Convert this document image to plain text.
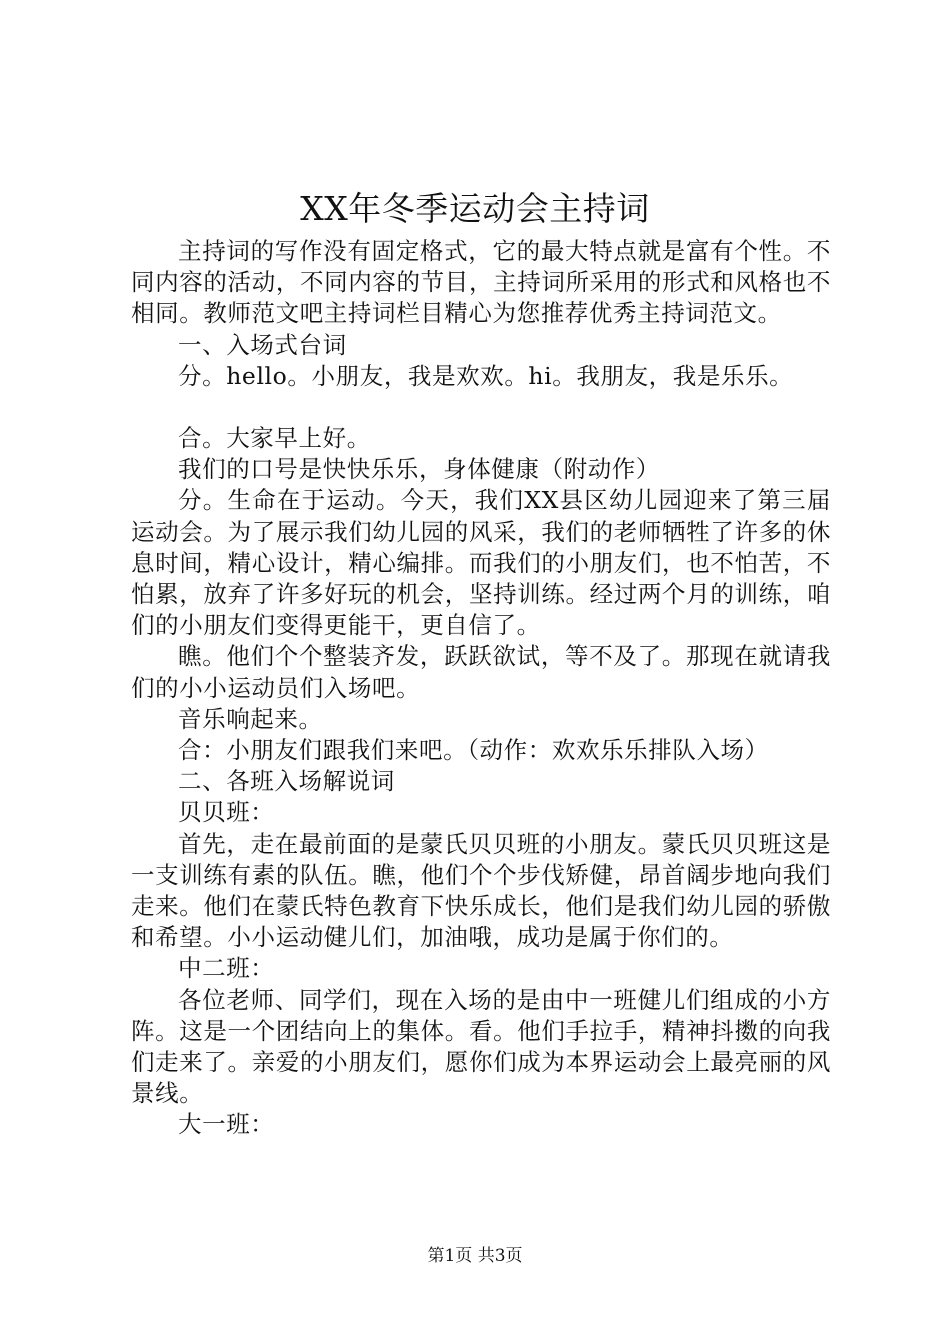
XX年冬季运动会主持词

主持词的写作没有固定格式，它的最大特点就是富有个性。不同内容的活动，不同内容的节目，主持词所采用的形式和风格也不相同。教师范文吧主持词栏目精心为您推荐优秀主持词范文。

一、入场式台词

分。hello。小朋友，我是欢欢。hi。我朋友，我是乐乐。

合。大家早上好。

我们的口号是快快乐乐，身体健康（附动作）

分。生命在于运动。今天，我们XX县区幼儿园迎来了第三届运动会。为了展示我们幼儿园的风采，我们的老师牺牲了许多的休息时间，精心设计，精心编排。而我们的小朋友们，也不怕苦，不怕累，放弃了许多好玩的机会，坚持训练。经过两个月的训练，咱们的小朋友们变得更能干，更自信了。

瞧。他们个个整装齐发，跃跃欲试，等不及了。那现在就请我们的小小运动员们入场吧。

音乐响起来。

合：小朋友们跟我们来吧。（动作：欢欢乐乐排队入场）

二、各班入场解说词

贝贝班：

首先，走在最前面的是蒙氏贝贝班的小朋友。蒙氏贝贝班这是一支训练有素的队伍。瞧，他们个个步伐矫健，昂首阔步地向我们走来。他们在蒙氏特色教育下快乐成长，他们是我们幼儿园的骄傲和希望。小小运动健儿们，加油哦，成功是属于你们的。

中二班：

各位老师、同学们，现在入场的是由中一班健儿们组成的小方阵。这是一个团结向上的集体。看。他们手拉手，精神抖擞的向我们走来了。亲爱的小朋友们，愿你们成为本界运动会上最亮丽的风景线。

大一班：

第1页 共3页
